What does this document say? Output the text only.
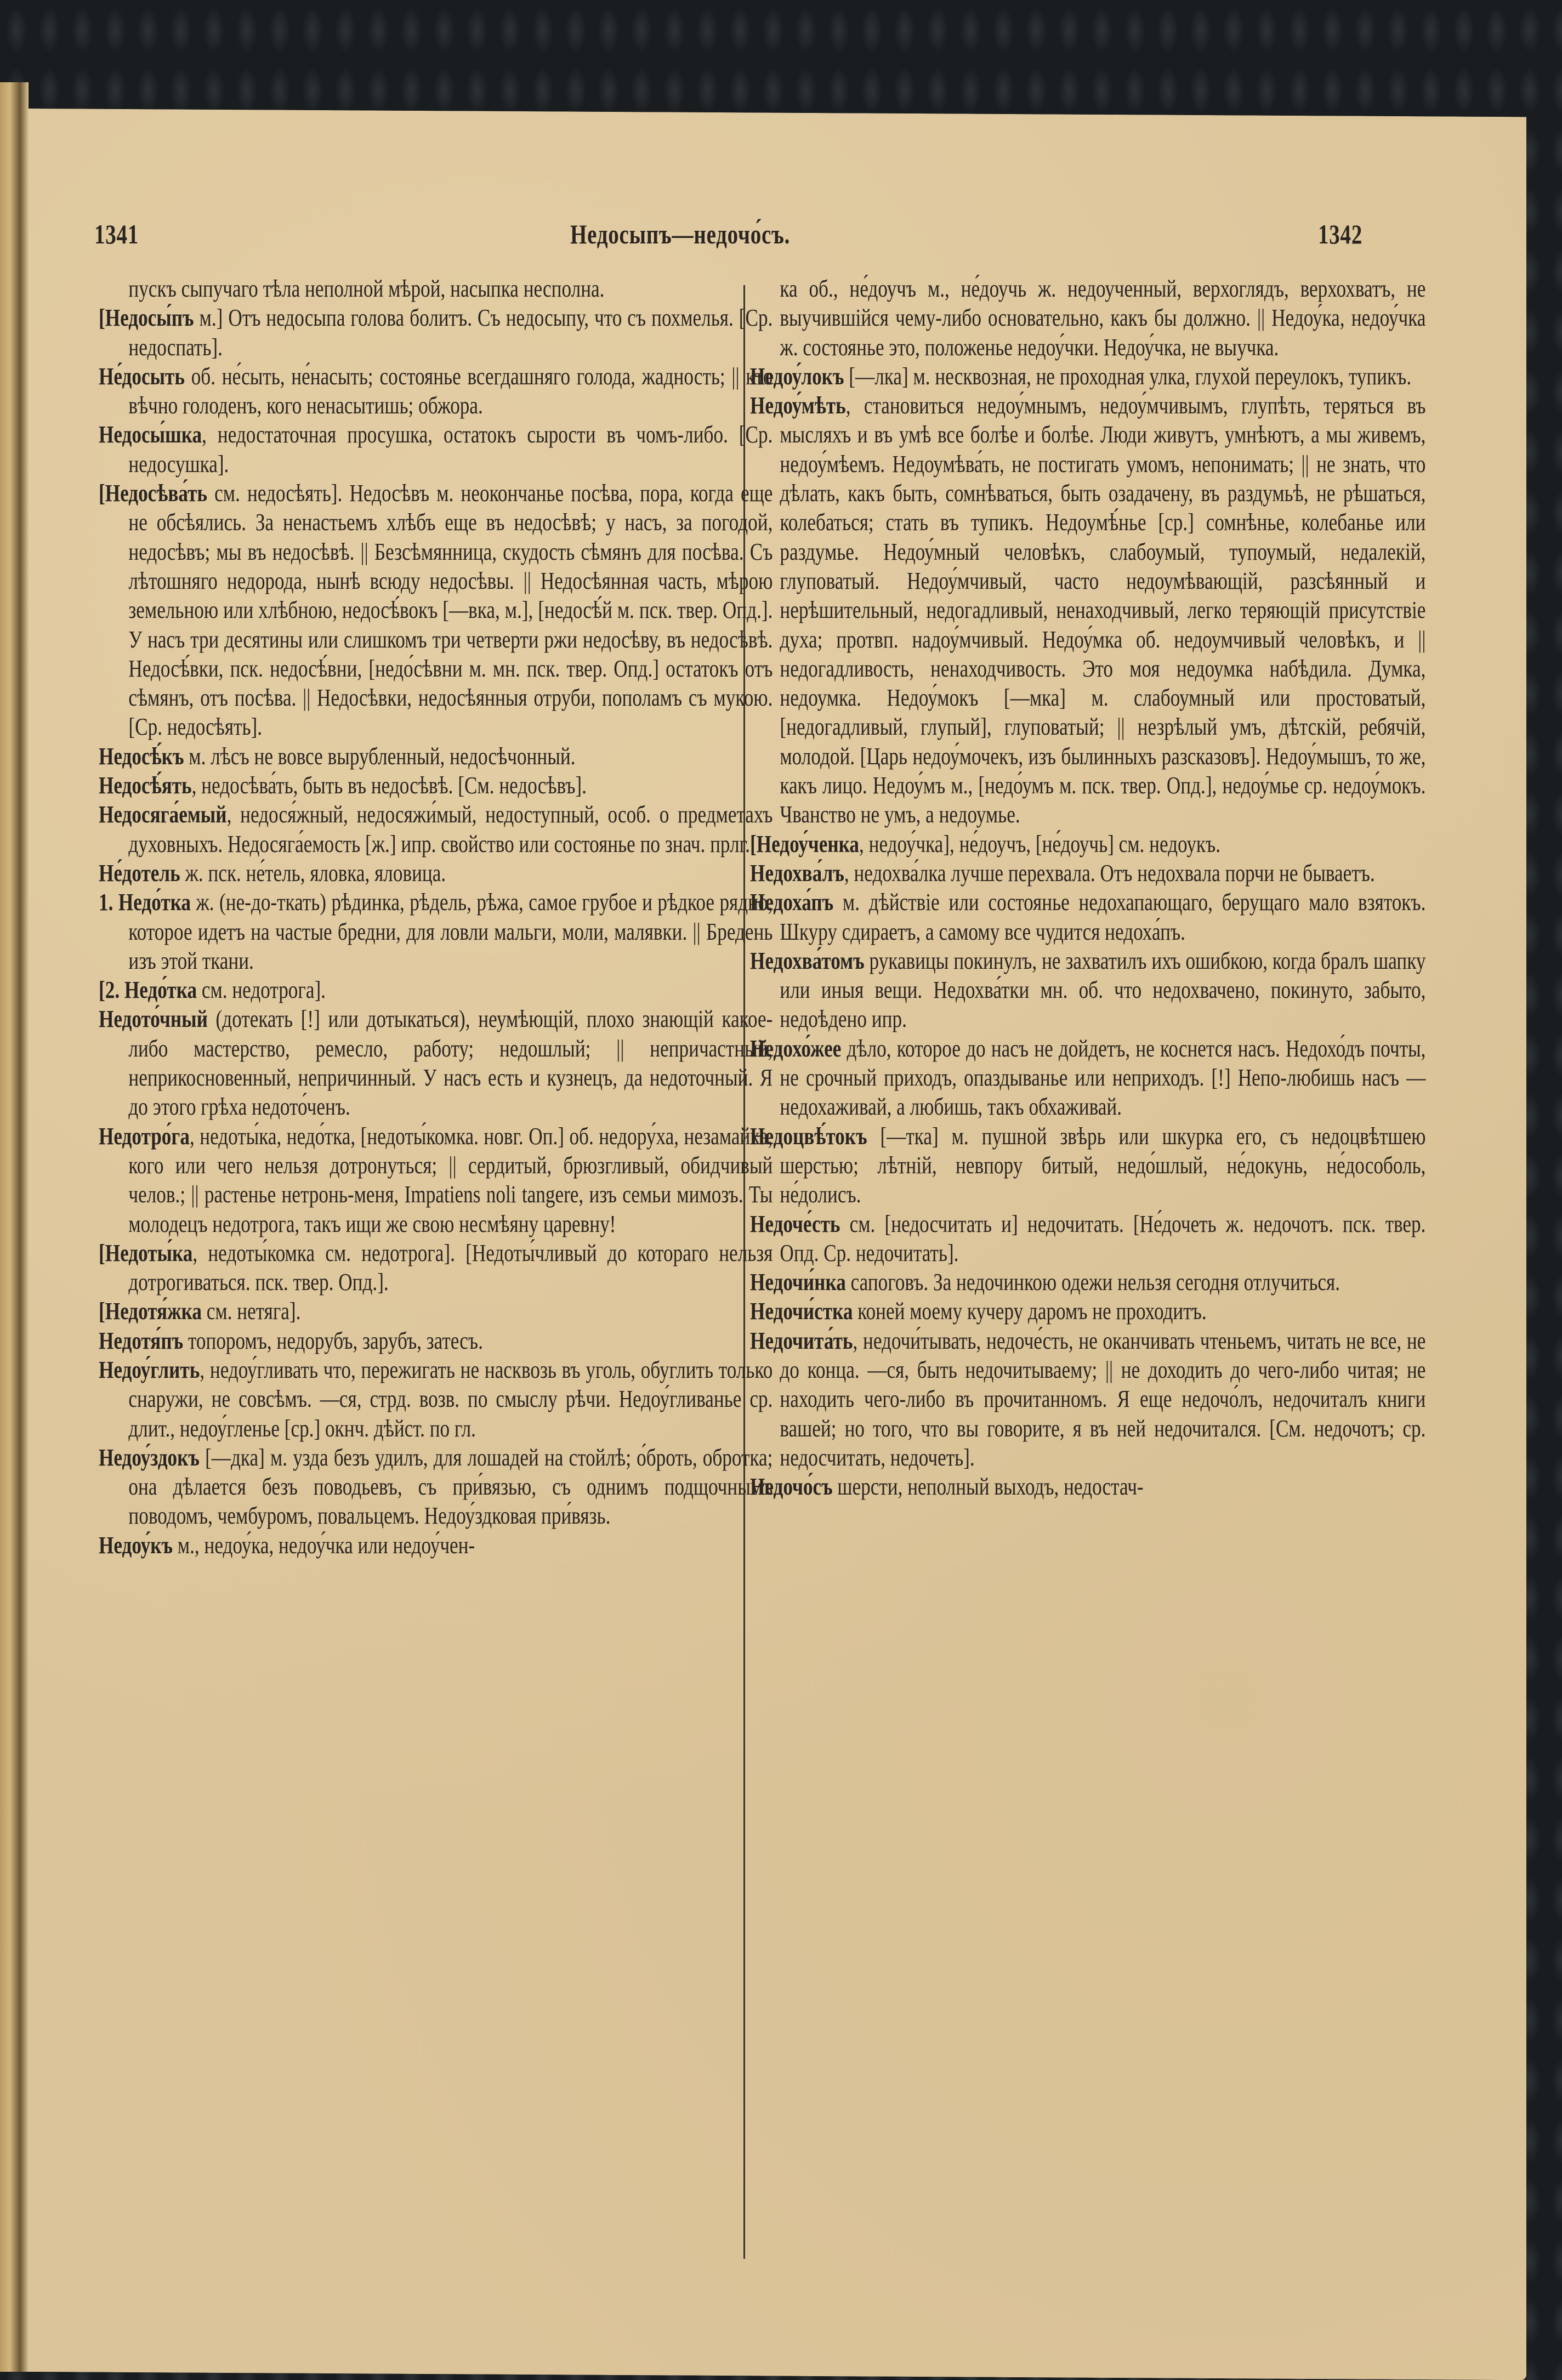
1341	Недосыпъ—недочо́съ.	1342

пускъ сыпучаго тѣла неполной мѣрой, насыпка несполна.

[Недосы́пъ м.] Отъ недосыпа голова болитъ. Съ недосыпу, что съ похмелья. [Ср. недоспать].

Не́досыть об. не́сыть, не́насыть; состоянье всегдашняго голода, жадность; || кто вѣчно голоденъ, кого ненасытишь; обжора.

Недосы́шка, недостаточная просушка, остатокъ сырости въ чомъ-либо. [Ср. недосушка].

[Недосѣва́ть см. недосѣять]. Недосѣвъ м. неокончанье посѣва, пора, когда еще не обсѣялись. За ненастьемъ хлѣбъ еще въ недосѣвѣ; у насъ, за погодой, недосѣвъ; мы въ недосѣвѣ. || Безсѣмянница, скудость сѣмянъ для посѣва. Съ лѣтошняго недорода, нынѣ всюду недосѣвы. || Недосѣянная часть, мѣрою земельною или хлѣбною, недосѣ́вокъ [—вка, м.], [недосѣ́й м. пск. твер. Опд.]. У насъ три десятины или слишкомъ три четверти ржи недосѣву, въ недосѣвѣ. Недосѣ́вки, пск. недосѣ́вни, [недо́сѣвни м. мн. пск. твер. Опд.] остатокъ отъ сѣмянъ, отъ посѣва. || Недосѣвки, недосѣянныя отруби, пополамъ съ мукою. [Ср. недосѣять].

Недосѣ́къ м. лѣсъ не вовсе вырубленный, недосѣчонный.

Недосѣ́ять, недосѣва́ть, быть въ недосѣвѣ. [См. недосѣвъ].

Недосяга́емый, недося́жный, недосяжи́мый, недоступный, особ. о предметахъ духовныхъ. Недосяга́емость [ж.] ипр. свойство или состоянье по знач. прлг.

Не́дотель ж. пск. не́тель, яловка, яловица.

1. Недо́тка ж. (не-до-ткать) рѣдинка, рѣдель, рѣжа, самое грубое и рѣдкое рядно, которое идетъ на частые бредни, для ловли мальги, моли, малявки. || Бредень изъ этой ткани.

[2. Недо́тка см. недотрога].

Недото́чный (дотекать [!] или дотыкаться), неумѣющій, плохо знающій какое-либо мастерство, ремесло, работу; недошлый; || непричастный, неприкосновенный, непричинный. У насъ есть и кузнецъ, да недоточный. Я до этого грѣха недото́ченъ.

Недотро́га, недоты́ка, недо́тка, [недоты́комка. новг. Оп.] об. недору́ха, незамайка, кого или чего нельзя дотронуться; || сердитый, брюзгливый, обидчивый челов.; || растенье нетронь-меня, Impatiens noli tangere, изъ семьи мимозъ. Ты молодецъ недотрога, такъ ищи же свою несмѣяну царевну!

[Недоты́ка, недоты́комка см. недотрога]. [Недоты́чливый до котораго нельзя дотрогиваться. пск. твер. Опд.].

[Недотя́жка см. нетяга].

Недотя́пъ топоромъ, недорубъ, зарубъ, затесъ.

Недоу́глить, недоу́гливать что, пережигать не насквозь въ уголь, обуглить только снаружи, не совсѣмъ. —ся, стрд. возв. по смыслу рѣчи. Недоу́гливанье ср. длит., недоу́гленье [ср.] окнч. дѣйст. по гл.

Недоу́здокъ [—дка] м. узда безъ удилъ, для лошадей на стойлѣ; о́броть, обротка; она дѣлается безъ поводьевъ, съ при́вязью, съ однимъ подщочнымъ поводомъ, чембуромъ, повальцемъ. Недоу́здковая при́вязь.

Недоу́къ м., недоу́ка, недоу́чка или недоу́чен-

ка об., не́доучъ м., не́доучь ж. недоученный, верхоглядъ, верхохватъ, не выучившійся чему-либо основательно, какъ бы должно. || Недоу́ка, недоу́чка ж. состоянье это, положенье недоу́чки. Недоу́чка, не выучка.

Недоу́локъ [—лка] м. несквозная, не проходная улка, глухой переулокъ, тупикъ.

Недоу́мѣть, становиться недоу́мнымъ, недоу́мчивымъ, глупѣть, теряться въ мысляхъ и въ умѣ все болѣе и болѣе. Люди живутъ, умнѣютъ, а мы живемъ, недоу́мѣемъ. Недоумѣва́ть, не постигать умомъ, непонимать; || не знать, что дѣлать, какъ быть, сомнѣваться, быть озадачену, въ раздумьѣ, не рѣшаться, колебаться; стать въ тупикъ. Недоумѣ́нье [ср.] сомнѣнье, колебанье или раздумье. Недоу́мный человѣкъ, слабоумый, тупоумый, недалекій, глуповатый. Недоу́мчивый, часто недоумѣвающій, разсѣянный и нерѣшительный, недогадливый, ненаходчивый, легко теряющій присутствіе духа; протвп. надоу́мчивый. Недоу́мка об. недоумчивый человѣкъ, и || недогадливость, ненаходчивость. Это моя недоумка набѣдила. Думка, недоумка. Недоу́мокъ [—мка] м. слабоумный или простоватый, [недогадливый, глупый], глуповатый; || незрѣлый умъ, дѣтскій, ребячій, молодой. [Царь недоу́мочекъ, изъ былинныхъ разсказовъ]. Недоу́мышъ, то же, какъ лицо. Недоу́мъ м., [недо́умъ м. пск. твер. Опд.], недоу́мье ср. недоу́мокъ. Чванство не умъ, а недоумье.

[Недоу́ченка, недоу́чка], не́доучъ, [не́доучь] см. недоукъ.

Недохва́лъ, недохва́лка лучше перехвала. Отъ недохвала порчи не бываетъ.

Недоха́пъ м. дѣйствіе или состоянье недохапающаго, берущаго мало взятокъ. Шкуру сдираетъ, а самому все чудится недоха́пъ.

Недохва́томъ рукавицы покинулъ, не захватилъ ихъ ошибкою, когда бралъ шапку или иныя вещи. Недохва́тки мн. об. что недохвачено, покинуто, забыто, недоѣдено ипр.

Недохо́жее дѣло, которое до насъ не дойдетъ, не коснется насъ. Недохо́дъ почты, не срочный приходъ, опаздыванье или неприходъ. [!] Непо-любишь насъ — недохаживай, а любишь, такъ обхаживай.

Недоцвѣ́токъ [—тка] м. пушной звѣрь или шкурка его, съ недоцвѣтшею шерстью; лѣтній, невпору битый, недо́шлый, не́докунь, не́дособоль, не́долисъ.

Недоче́сть см. [недосчитать и] недочитать. [Не́дочеть ж. недочотъ. пск. твер. Опд. Ср. недочитать].

Недочи́нка сапоговъ. За недочинкою одежи нельзя сегодня отлучиться.

Недочи́стка коней моему кучеру даромъ не проходитъ.

Недочита́ть, недочи́тывать, недоче́сть, не оканчивать чтеньемъ, читать не все, не до конца. —ся, быть недочитываему; || не доходить до чего-либо читая; не находить чего-либо въ прочитанномъ. Я еще недочо́лъ, недочиталъ книги вашей; но того, что вы говорите, я въ ней недочитался. [См. недочотъ; ср. недосчитать, недочеть].

Недочо́съ шерсти, неполный выходъ, недостач-
